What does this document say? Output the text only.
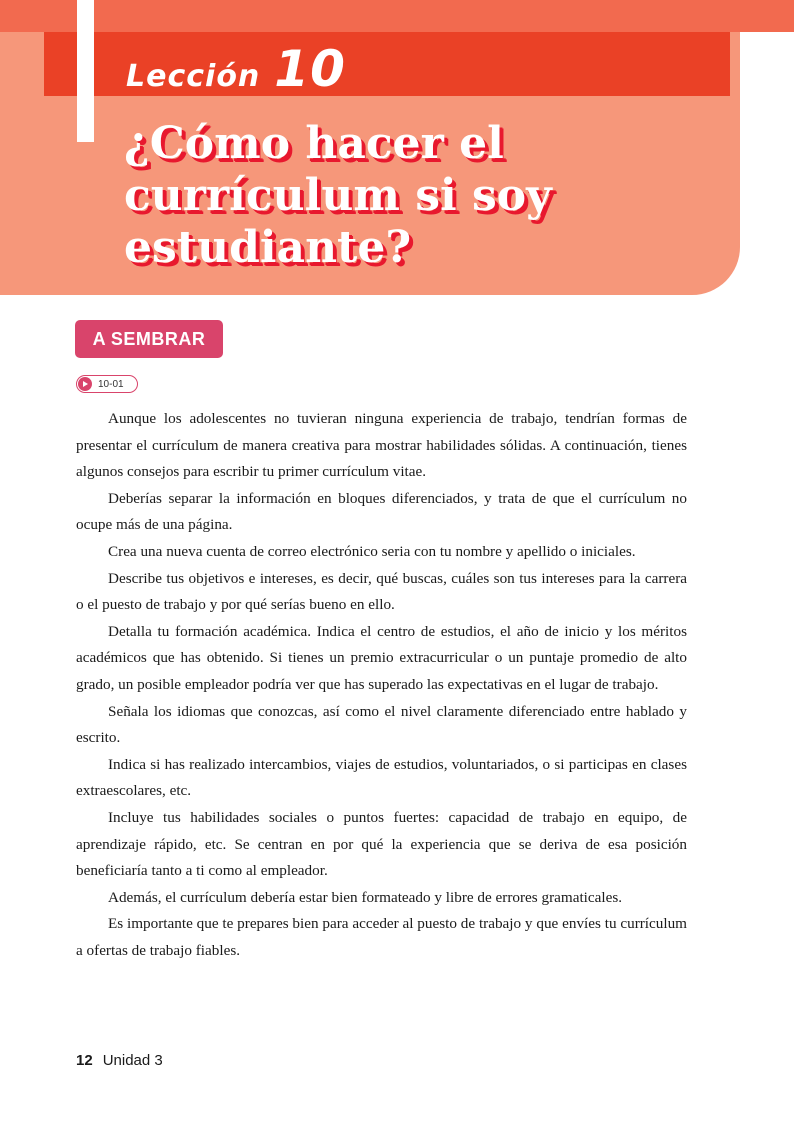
Lección 10
¿Cómo hacer el currículum si soy estudiante?
A SEMBRAR
10-01

Aunque los adolescentes no tuvieran ninguna experiencia de trabajo, tendrían formas de presentar el currículum de manera creativa para mostrar habilidades sólidas. A continuación, tienes algunos consejos para escribir tu primer currículum vitae.

Deberías separar la información en bloques diferenciados, y trata de que el currículum no ocupe más de una página.

Crea una nueva cuenta de correo electrónico seria con tu nombre y apellido o iniciales.

Describe tus objetivos e intereses, es decir, qué buscas, cuáles son tus intereses para la carrera o el puesto de trabajo y por qué serías bueno en ello.

Detalla tu formación académica. Indica el centro de estudios, el año de inicio y los méritos académicos que has obtenido. Si tienes un premio extracurricular o un puntaje promedio de alto grado, un posible empleador podría ver que has superado las expectativas en el lugar de trabajo.

Señala los idiomas que conozcas, así como el nivel claramente diferenciado entre hablado y escrito.

Indica si has realizado intercambios, viajes de estudios, voluntariados, o si participas en clases extraescolares, etc.

Incluye tus habilidades sociales o puntos fuertes: capacidad de trabajo en equipo, de aprendizaje rápido, etc. Se centran en por qué la experiencia que se deriva de esa posición beneficiaría tanto a ti como al empleador.

Además, el currículum debería estar bien formateado y libre de errores gramaticales.

Es importante que te prepares bien para acceder al puesto de trabajo y que envíes tu currículum a ofertas de trabajo fiables.

12 Unidad 3
